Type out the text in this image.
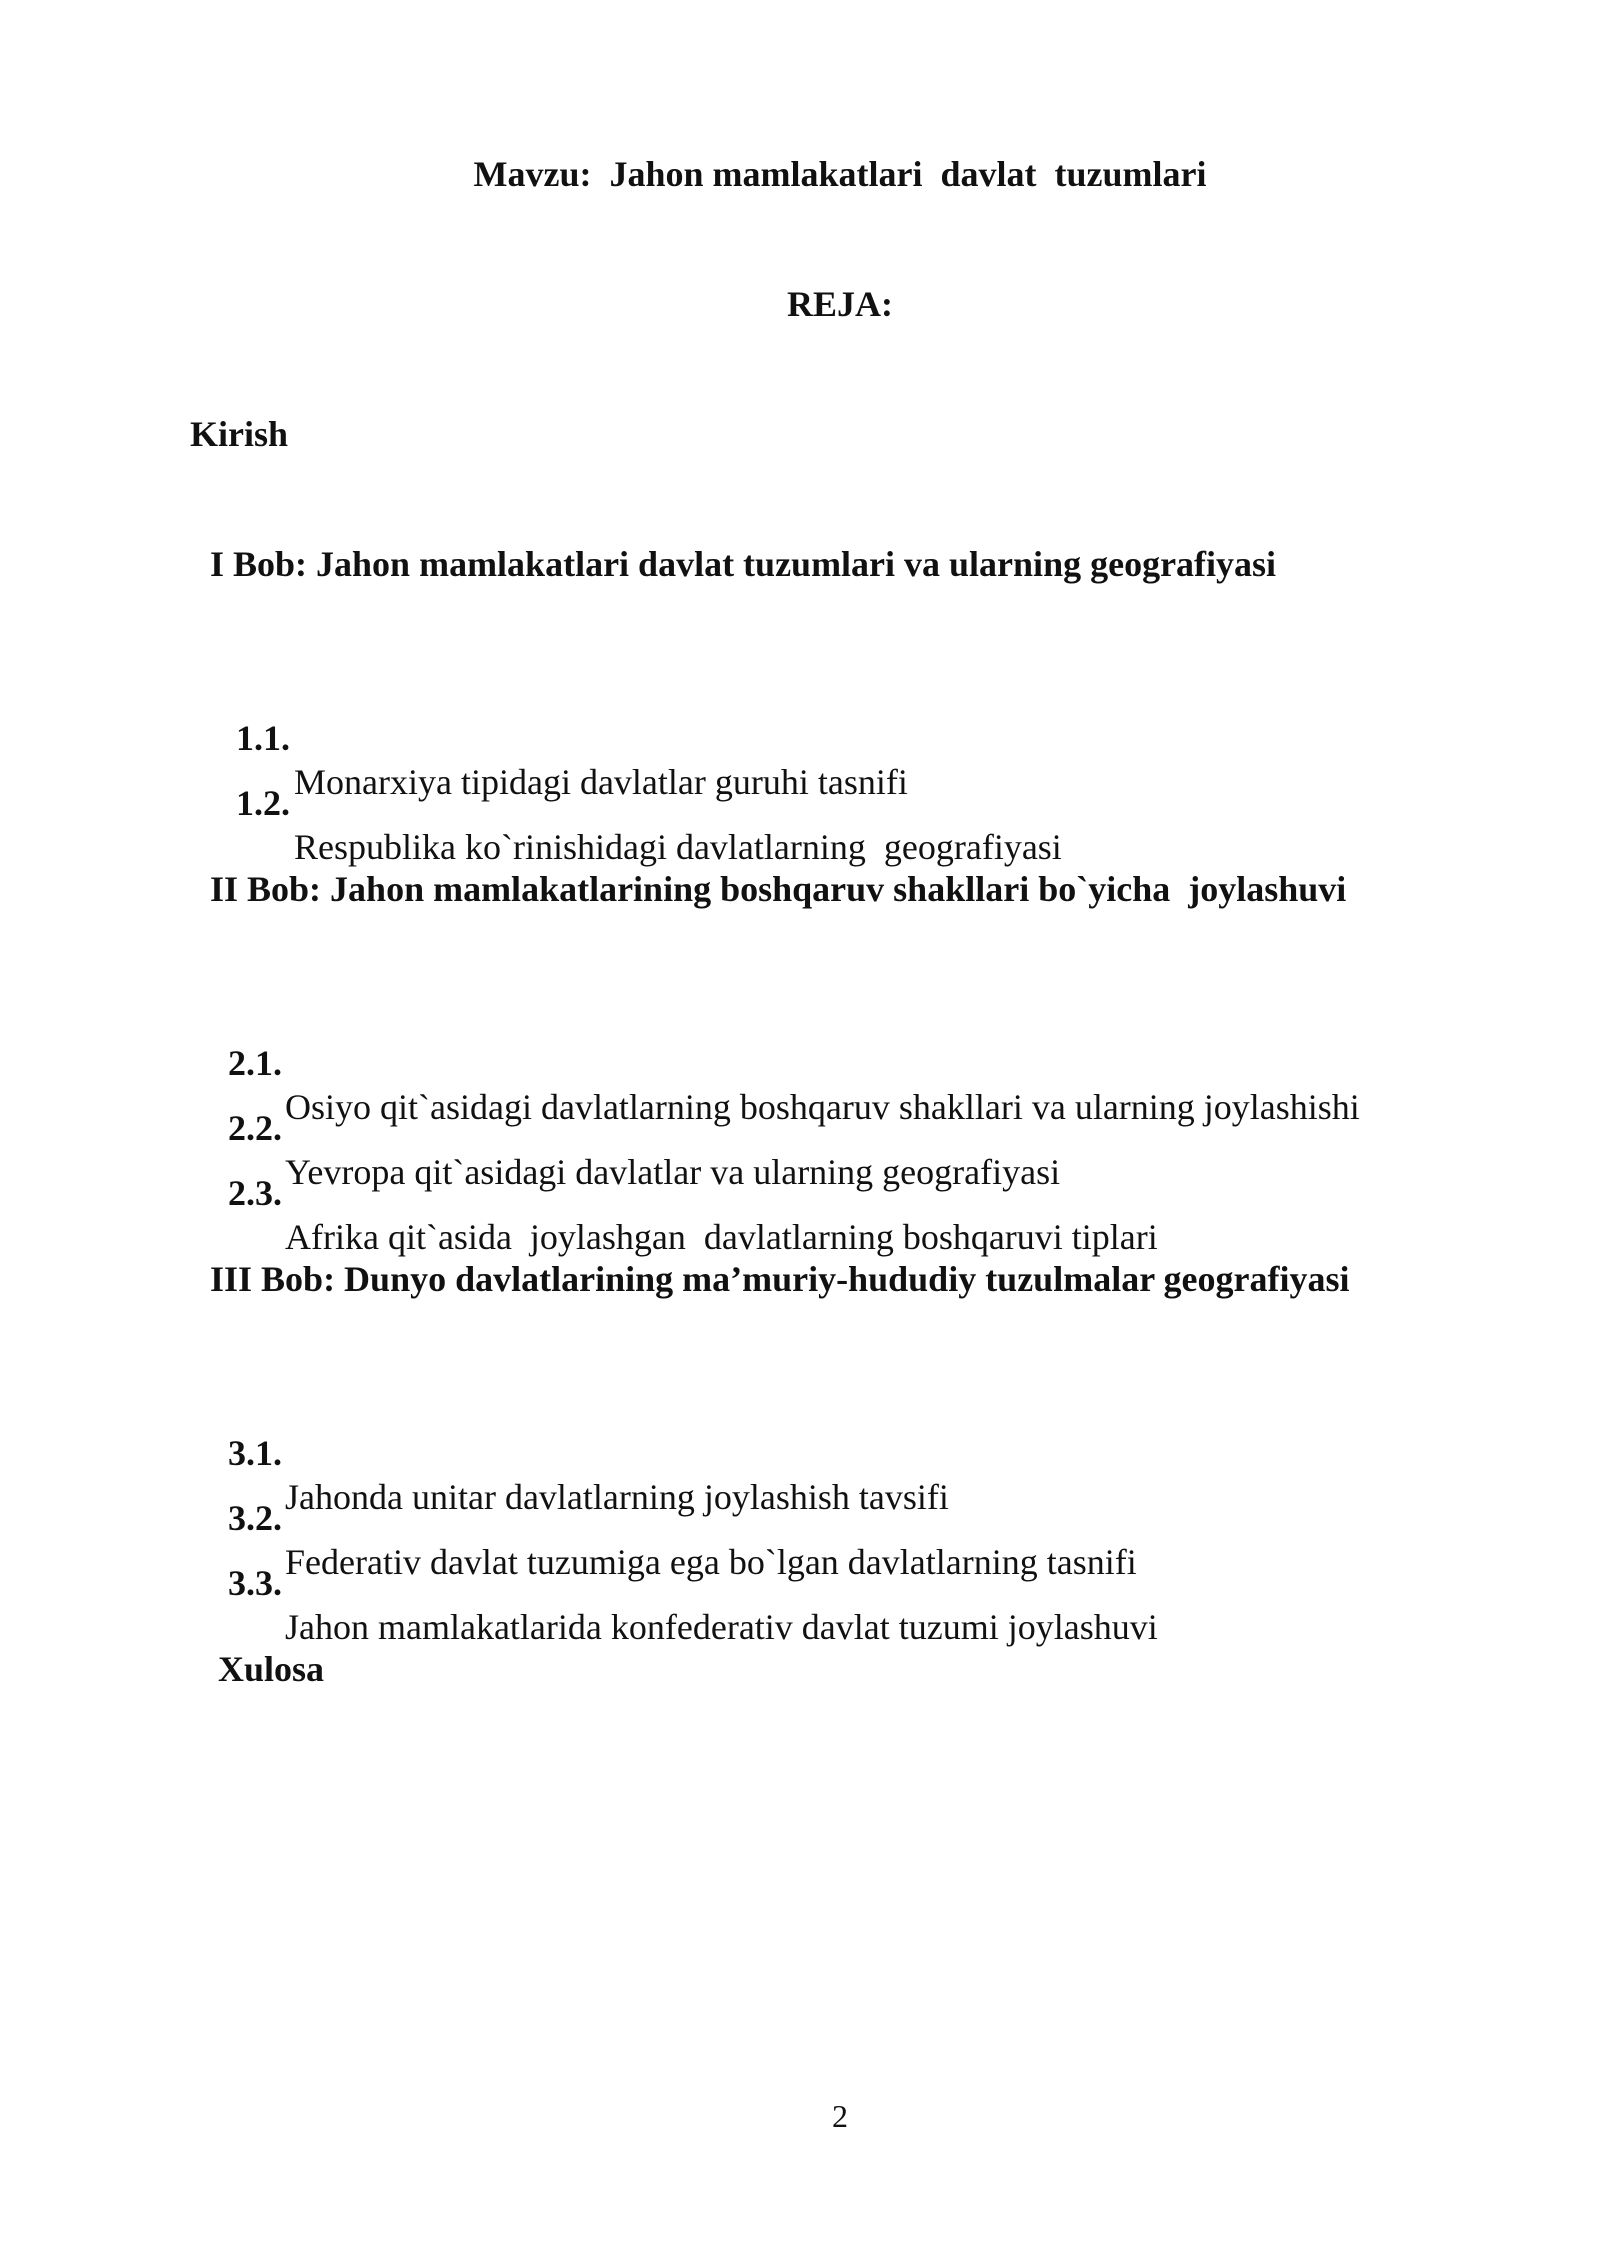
Mavzu:  Jahon mamlakatlari  davlat  tuzumlari
REJA:
Kirish
I Bob: Jahon mamlakatlari davlat tuzumlari va ularning geografiyasi

1.1.

Monarxiya tipidagi davlatlar guruhi tasnifi

1.2.

Respublika ko`rinishidagi davlatlarning  geografiyasi

II Bob: Jahon mamlakatlarining boshqaruv shakllari bo`yicha  joylashuvi

2.1.

Osiyo qit`asidagi davlatlarning boshqaruv shakllari va ularning joylashishi

2.2.

Yevropa qit`asidagi davlatlar va ularning geografiyasi

2.3.

Afrika qit`asida  joylashgan  davlatlarning boshqaruvi tiplari

III Bob: Dunyo davlatlarining ma’muriy-hududiy tuzulmalar geografiyasi

3.1.

Jahonda unitar davlatlarning joylashish tavsifi

3.2.

Federativ davlat tuzumiga ega bo`lgan davlatlarning tasnifi

3.3.

Jahon mamlakatlarida konfederativ davlat tuzumi joylashuvi

Xulosa
2
